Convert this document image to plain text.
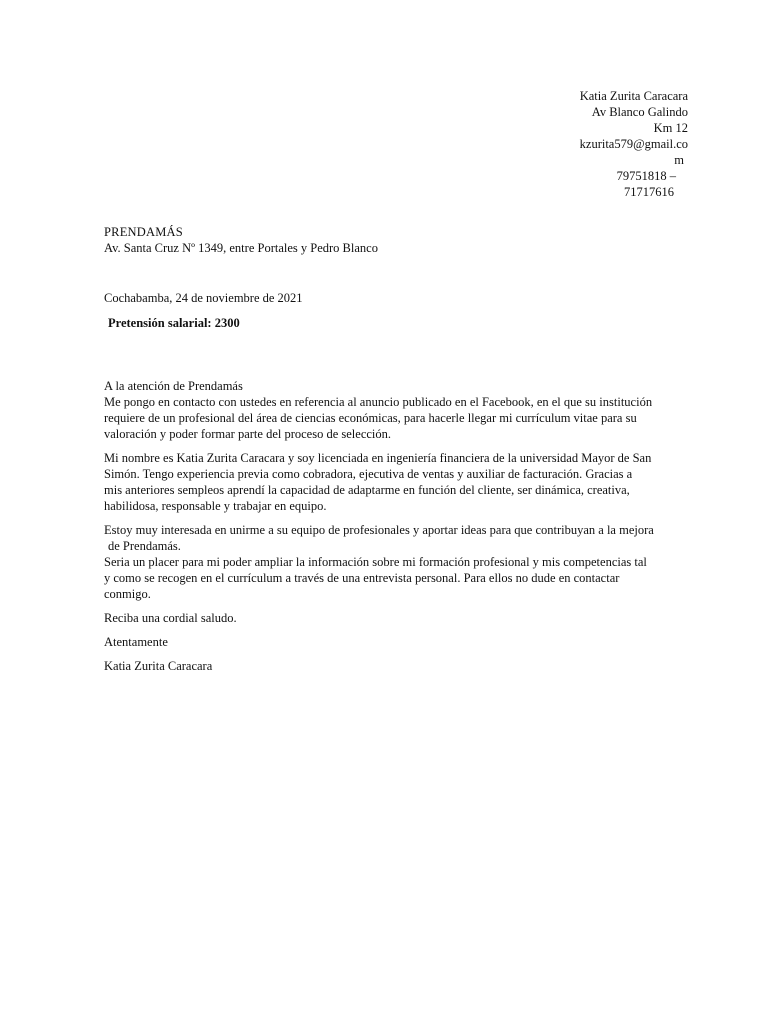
Katia Zurita Caracara
Av Blanco Galindo
Km 12
kzurita579@gmail.co
m
79751818 –
71717616
PRENDAMÁS
Av. Santa Cruz Nº 1349, entre Portales y Pedro Blanco
Cochabamba, 24 de noviembre de 2021
Pretensión salarial: 2300
A la atención de Prendamás
Me pongo en contacto con ustedes en referencia al anuncio publicado en el Facebook, en el que su institución
requiere de un profesional del área de ciencias económicas, para hacerle llegar mi currículum vitae para su
valoración y poder formar parte del proceso de selección.
Mi nombre es Katia Zurita Caracara y soy licenciada en ingeniería financiera de la universidad Mayor de San
Simón. Tengo experiencia previa como cobradora, ejecutiva de ventas y auxiliar de facturación. Gracias a
mis anteriores sempleos aprendí la capacidad de adaptarme en función del cliente, ser dinámica, creativa,
habilidosa, responsable y trabajar en equipo.
Estoy muy interesada en unirme a su equipo de profesionales y aportar ideas para que contribuyan a la mejora
de Prendamás.
Seria un placer para mi poder ampliar la información sobre mi formación profesional y mis competencias tal
y como se recogen en el currículum a través de una entrevista personal. Para ellos no dude en contactar
conmigo.
Reciba una cordial saludo.
Atentamente
Katia Zurita Caracara
